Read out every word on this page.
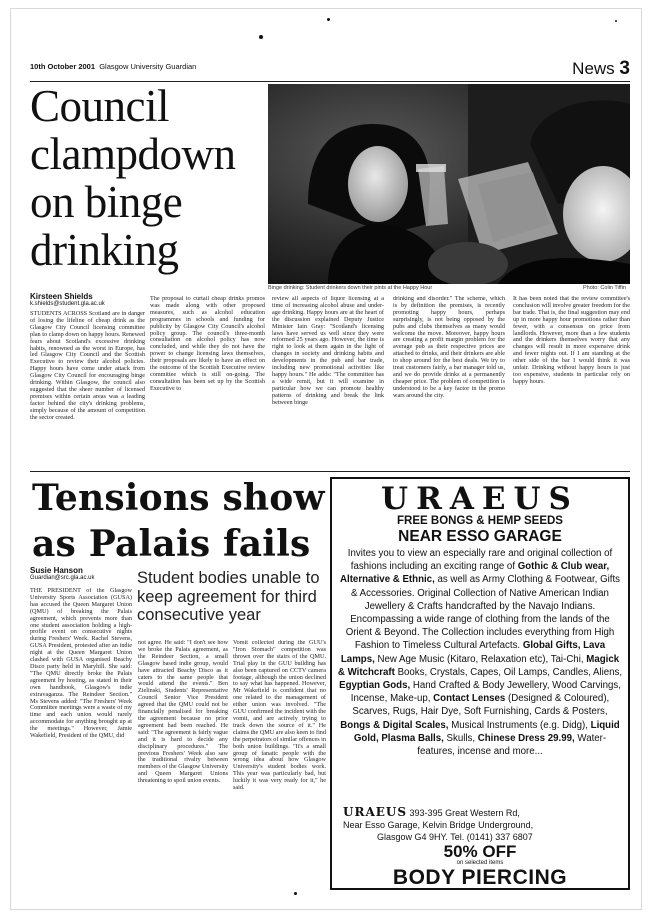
10th October 2001 Glasgow University Guardian	News 3
Council clampdown on binge drinking
Binge drinking: Student drinkers down their pints at the Happy Hour	Photo: Colin Tiffin
Kirsteen Shields
k.shields@student.gla.ac.uk
STUDENTS ACROSS Scotland are in danger of losing the lifeline of cheap drink as the Glasgow City Council licensing committee plan to clamp down on happy hours. Renewed fears about Scotland's excessive drinking habits, renowned as the worst in Europe, has led Glasgow City Council and the Scottish Executive to review their alcohol policies. Happy hours have come under attack from Glasgow City Council for encouraging binge drinking. Within Glasgow, the council also suggested that the sheer number of licensed premises within certain areas was a leading factor behind the city's drinking problems, simply because of the amount of competition the sector created.
The proposal to curtail cheap drinks promos was made along with other proposed measures, such as alcohol education programmes in schools and funding for publicity by Glasgow City Council's alcohol policy group. The council's three-month consultation on alcohol policy has now concluded, and while they do not have the power to change licensing laws themselves, their proposals are likely to have an effect on the outcome of the Scottish Executive review committee which is still on-going. The consultation has been set up by the Scottish Executive to
review all aspects of liquor licensing at a time of increasing alcohol abuse and under-age drinking. Happy hours are at the heart of the discussion explained Deputy Justice Minister Iain Gray: "Scotland's licensing laws have served us well since they were reformed 25 years ago. However, the time is right to look at them again in the light of changes in society and drinking habits and developments in the pub and bar trade, including new promotional activities like happy hours." He adds: "The committee has a wide remit, but it will examine in particular how we can promote healthy patterns of drinking and break the link between binge
drinking and disorder." The scheme, which is by definition the premises, is recently promoting happy hours, perhaps surprisingly, is not being opposed by the pubs and clubs themselves as many would welcome the move. Moreover, happy hours are creating a profit margin problem for the average pub as their respective prices are attached to drinks, and their drinkers are able to shop around for the best deals. We try to treat customers fairly, a bar manager told us, and we do provide drinks at a permanently cheaper price. The problem of competition is understood to be a key factor in the promo wars around the city.
It has been noted that the review committee's conclusion will involve greater freedom for the bar trade. That is, the final suggestion may end up in more happy hour promotions rather than fewer, with a consensus on price from landlords. However, more than a few students and the drinkers themselves worry that any changes will result in more expensive drink and fewer nights out. If I am standing at the other side of the bar I would think it was unfair. Drinking without happy hours is just too expensive, students in particular rely on happy hours.
Tensions show as Palais fails
Susie Hanson
Guardian@src.gla.ac.uk	Student bodies unable to keep agreement for third consecutive year
THE PRESIDENT of the Glasgow University Sports Association (GUSA) has accused the Queen Margaret Union (QMU) of breaking the Palais agreement, which prevents more than one student association holding a high-profile event on consecutive nights during Freshers' Week. Rachel Stevens, GUSA President, protested after an indie night at the Queen Margaret Union clashed with GUSA organised Beachy Disco party held in Maryhill. She said: "The QMU directly broke the Palais agreement by hosting, as stated in their own handbook, Glasgow's indie extravaganza. The Reindeer Section." Ms Stevens added: "The Freshers' Week Committee meetings were a waste of my time and each union would rarely accommodate for anything brought up at the meetings." However, Jamie Wakefield, President of the QMU, did
not agree. He said: "I don't see how we broke the Palais agreement, as the Reindeer Section, a small Glasgow based indie group, would have attracted Beachy Disco as it caters to the same people that would attend the events." Ben Zielinski, Students' Representative Council Senior Vice President agreed that the QMU could not be financially penalised for breaking the agreement because no prior agreement had been reached. He said: "The agreement is fairly vague and it is hard to decide any disciplinary procedures." The previous Freshers' Week also saw the traditional rivalry between members of the Glasgow University and Queen Margaret Unions threatening to spoil union events.
Vomit collected during the GUU's "Iron Stomach" competition was thrown over the stairs of the QMU. Trial play in the GUU building has also been captured on CCTV camera footage, although the union declined to say what has happened. However, Mr Wakefield is confident that no one related to the management of either union was involved. "The GUU confirmed the incident with the vomit, and are actively trying to track down the source of it." He claims the QMU are also keen to find the perpetrators of similar offences in both union buildings. "It's a small group of fanatic people with the wrong idea about how Glasgow University's student bodies work. This year was particularly bad, but luckily it was very ready for it," he said.
URAEUS
FREE BONGS & HEMP SEEDS
NEAR ESSO GARAGE
Invites you to view an especially rare and original collection of fashions including an exciting range of Gothic & Club wear, Alternative & Ethnic, as well as Army Clothing & Footwear, Gifts & Accessories. Original Collection of Native American Indian Jewellery & Crafts handcrafted by the Navajo Indians. Encompassing a wide range of clothing from the lands of the Orient & Beyond. The Collection includes everything from High Fashion to Timeless Cultural Artefacts. Global Gifts, Lava Lamps, New Age Music (Kitaro, Relaxation etc), Tai-Chi, Magick & Witchcraft Books, Crystals, Capes, Oil Lamps, Candles, Aliens, Egyptian Gods, Hand Crafted & Body Jewellery, Wood Carvings, Incense, Make-up, Contact Lenses (Designed & Coloured), Scarves, Rugs, Hair Dye, Soft Furnishing, Cards & Posters, Bongs & Digital Scales, Musical Instruments (e.g. Didg), Liquid Gold, Plasma Balls, Skulls, Chinese Dress 29.99, Water-features, incense and more...
URAEUS 393-395 Great Western Rd,
Near Esso Garage, Kelvin Bridge Underground,
Glasgow G4 9HY. Tel. (0141) 337 6807
50% OFF
on selected items
BODY PIERCING
